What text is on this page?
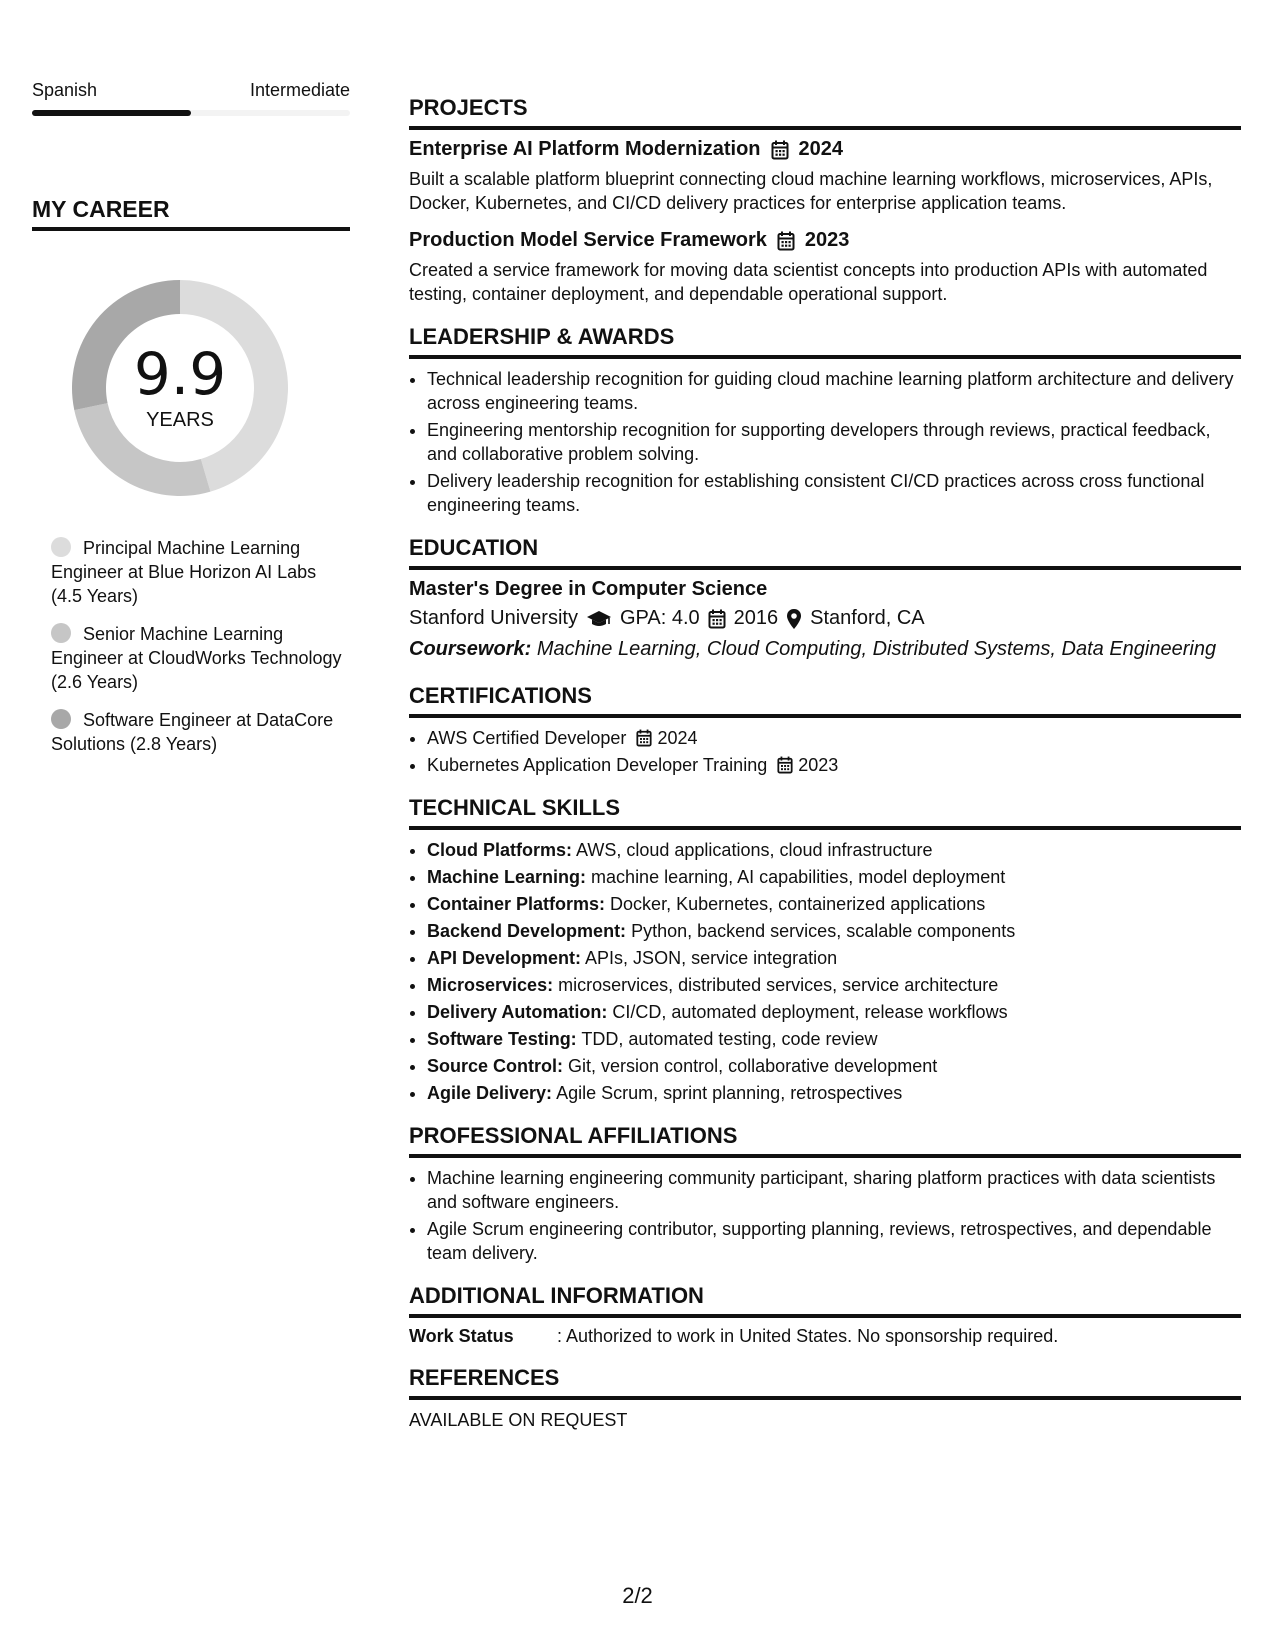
Spanish	Intermediate
MY CAREER
9.9
YEARS
Principal Machine Learning Engineer at Blue Horizon AI Labs (4.5 Years)
Senior Machine Learning Engineer at CloudWorks Technology (2.6 Years)
Software Engineer at DataCore Solutions (2.8 Years)
PROJECTS
Enterprise AI Platform Modernization 2024
Built a scalable platform blueprint connecting cloud machine learning workflows, microservices, APIs, Docker, Kubernetes, and CI/CD delivery practices for enterprise application teams.
Production Model Service Framework 2023
Created a service framework for moving data scientist concepts into production APIs with automated testing, container deployment, and dependable operational support.
LEADERSHIP & AWARDS
• Technical leadership recognition for guiding cloud machine learning platform architecture and delivery across engineering teams.
• Engineering mentorship recognition for supporting developers through reviews, practical feedback, and collaborative problem solving.
• Delivery leadership recognition for establishing consistent CI/CD practices across cross functional engineering teams.
EDUCATION
Master's Degree in Computer Science
Stanford University GPA: 4.0 2016 Stanford, CA
Coursework: Machine Learning, Cloud Computing, Distributed Systems, Data Engineering
CERTIFICATIONS
• AWS Certified Developer 2024
• Kubernetes Application Developer Training 2023
TECHNICAL SKILLS
• Cloud Platforms: AWS, cloud applications, cloud infrastructure
• Machine Learning: machine learning, AI capabilities, model deployment
• Container Platforms: Docker, Kubernetes, containerized applications
• Backend Development: Python, backend services, scalable components
• API Development: APIs, JSON, service integration
• Microservices: microservices, distributed services, service architecture
• Delivery Automation: CI/CD, automated deployment, release workflows
• Software Testing: TDD, automated testing, code review
• Source Control: Git, version control, collaborative development
• Agile Delivery: Agile Scrum, sprint planning, retrospectives
PROFESSIONAL AFFILIATIONS
• Machine learning engineering community participant, sharing platform practices with data scientists and software engineers.
• Agile Scrum engineering contributor, supporting planning, reviews, retrospectives, and dependable team delivery.
ADDITIONAL INFORMATION
Work Status	: Authorized to work in United States. No sponsorship required.
REFERENCES
AVAILABLE ON REQUEST
2/2
